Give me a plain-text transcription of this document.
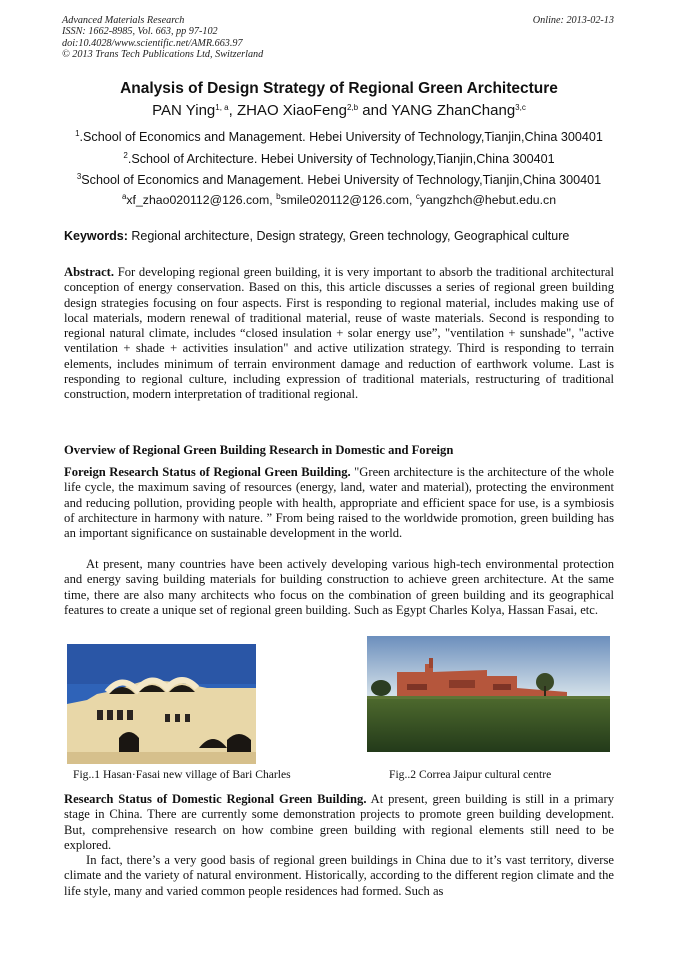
Advanced Materials Research
ISSN: 1662-8985, Vol. 663, pp 97-102
doi:10.4028/www.scientific.net/AMR.663.97
© 2013 Trans Tech Publications Ltd, Switzerland
Online: 2013-02-13
Analysis of Design Strategy of Regional Green Architecture
PAN Ying$^{1, a}$, ZHAO XiaoFeng$^{2,b}$ and YANG ZhanChang$^{3,c}$
$^1$.School of Economics and Management. Hebei University of Technology,Tianjin,China 300401
$^2$.School of Architecture. Hebei University of Technology,Tianjin,China 300401
$^3$School of Economics and Management. Hebei University of Technology,Tianjin,China 300401
$^a$xf_zhao020112@126.com, $^b$smile020112@126.com, $^c$yangzhch@hebut.edu.cn
Keywords: Regional architecture, Design strategy, Green technology, Geographical culture
Abstract. For developing regional green building, it is very important to absorb the traditional architectural conception of energy conservation. Based on this, this article discusses a series of regional green building design strategies focusing on four aspects. First is responding to regional material, includes making use of local materials, modern renewal of traditional material, reuse of waste materials. Second is responding to regional natural climate, includes “closed insulation + solar energy use”, "ventilation + sunshade", "active ventilation + shade + activities insulation" and active utilization strategy. Third is responding to terrain elements, includes minimum of terrain environment damage and reduction of earthwork volume. Last is responding to regional culture, including expression of traditional materials, restructuring of traditional construction, modern interpretation of traditional regional.
Overview of Regional Green Building Research in Domestic and Foreign
Foreign Research Status of Regional Green Building. "Green architecture is the architecture of the whole life cycle, the maximum saving of resources (energy, land, water and material), protecting the environment and reducing pollution, providing people with health, appropriate and efficient space for use, is a symbiosis of architecture in harmony with nature. ” From being raised to the worldwide promotion, green building has an important significance on sustainable development in the world.
At present, many countries have been actively developing various high-tech environmental protection and energy saving building materials for building construction to achieve green architecture. At the same time, there are also many architects who focus on the combination of green building and its geographical features to create a unique set of regional green building. Such as Egypt Charles Kolya, Hassan Fasai, etc.
Fig..1 Hasan·Fasai new village of Bari Charles	Fig..2 Correa Jaipur cultural centre
Research Status of Domestic Regional Green Building. At present, green building is still in a primary stage in China. There are currently some demonstration projects to promote green building development. But, comprehensive research on how combine green building with regional elements still need to be explored.
In fact, there’s a very good basis of regional green buildings in China due to it’s vast territory, diverse climate and the variety of natural environment. Historically, according to the different region climate and the life style, many and varied common people residences had formed. Such as
